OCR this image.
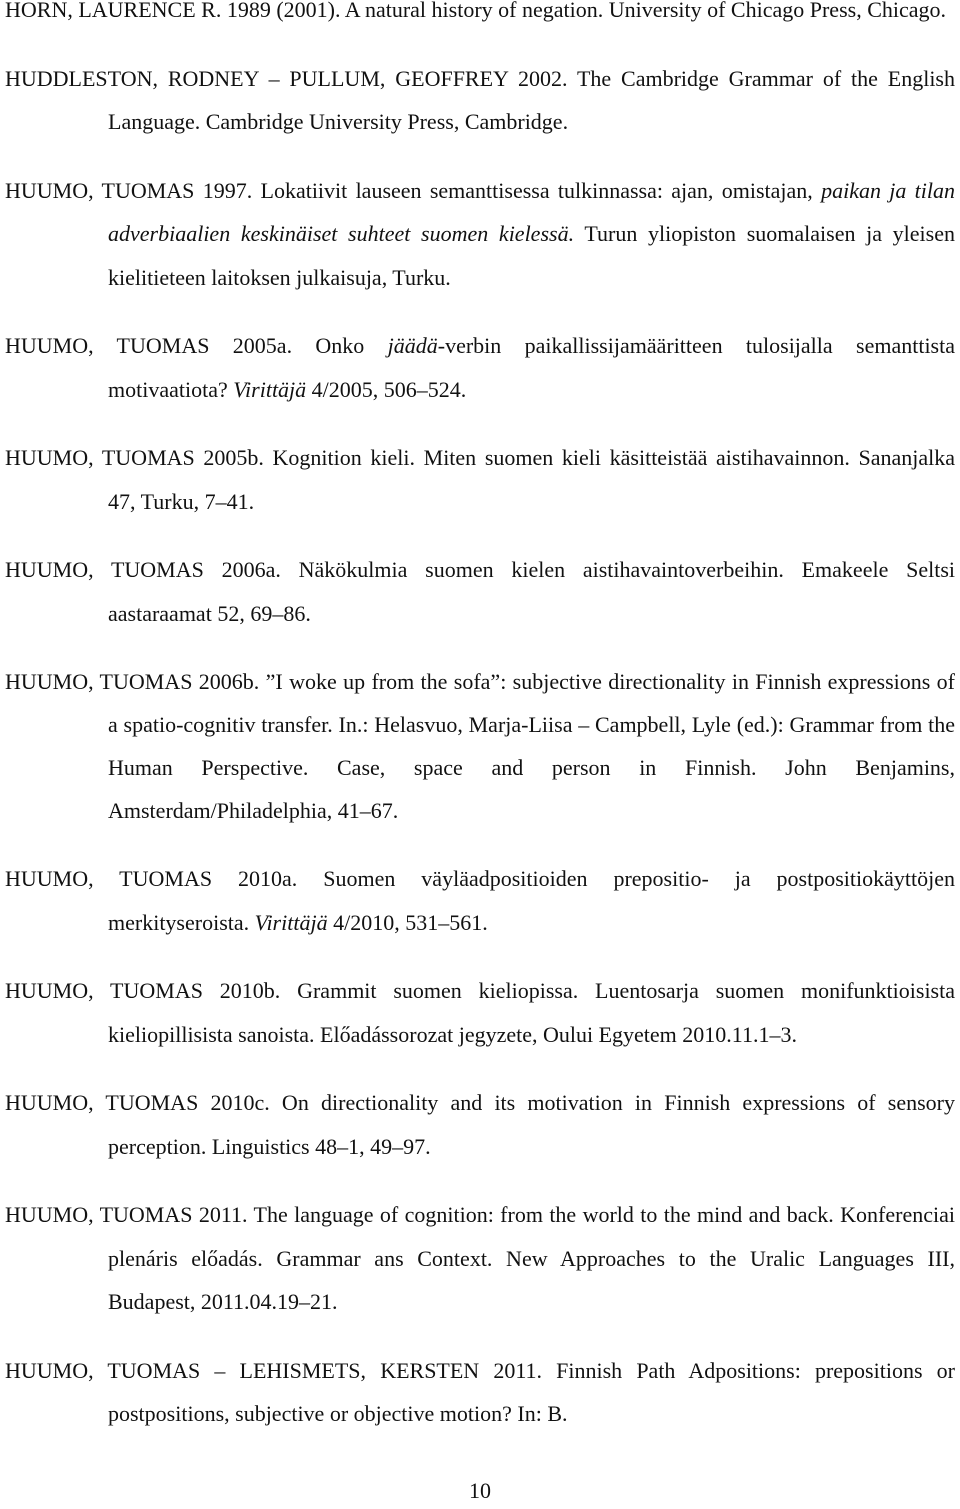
HORN, LAURENCE R. 1989 (2001). A natural history of negation. University of Chicago Press, Chicago.

HUDDLESTON, RODNEY – PULLUM, GEOFFREY 2002. The Cambridge Grammar of the English Language. Cambridge University Press, Cambridge.

HUUMO, TUOMAS 1997. Lokatiivit lauseen semanttisessa tulkinnassa: ajan, omistajan, paikan ja tilan adverbiaalien keskinäiset suhteet suomen kielessä. Turun yliopiston suomalaisen ja yleisen kielitieteen laitoksen julkaisuja, Turku.

HUUMO, TUOMAS 2005a. Onko jäädä-verbin paikallissijamääritteen tulosijalla semanttista motivaatiota? Virittäjä 4/2005, 506–524.

HUUMO, TUOMAS 2005b. Kognition kieli. Miten suomen kieli käsitteistää aistihavainnon. Sananjalka 47, Turku, 7–41.

HUUMO, TUOMAS 2006a. Näkökulmia suomen kielen aistihavaintoverbeihin. Emakeele Seltsi aastaraamat 52, 69–86.

HUUMO, TUOMAS 2006b. ”I woke up from the sofa”: subjective directionality in Finnish expressions of a spatio-cognitiv transfer. In.: Helasvuo, Marja-Liisa – Campbell, Lyle (ed.): Grammar from the Human Perspective. Case, space and person in Finnish. John Benjamins, Amsterdam/Philadelphia, 41–67.

HUUMO, TUOMAS 2010a. Suomen väyläadpositioiden prepositio- ja postpositiokäyttöjen merkityseroista. Virittäjä 4/2010, 531–561.

HUUMO, TUOMAS 2010b. Grammit suomen kieliopissa. Luentosarja suomen monifunktioisista kieliopillisista sanoista. Előadássorozat jegyzete, Oului Egyetem 2010.11.1–3.

HUUMO, TUOMAS 2010c. On directionality and its motivation in Finnish expressions of sensory perception. Linguistics 48–1, 49–97.

HUUMO, TUOMAS 2011. The language of cognition: from the world to the mind and back. Konferenciai plenáris előadás. Grammar ans Context. New Approaches to the Uralic Languages III, Budapest, 2011.04.19–21.

HUUMO, TUOMAS – LEHISMETS, KERSTEN 2011. Finnish Path Adpositions: prepositions or postpositions, subjective or objective motion? In: B.

10
